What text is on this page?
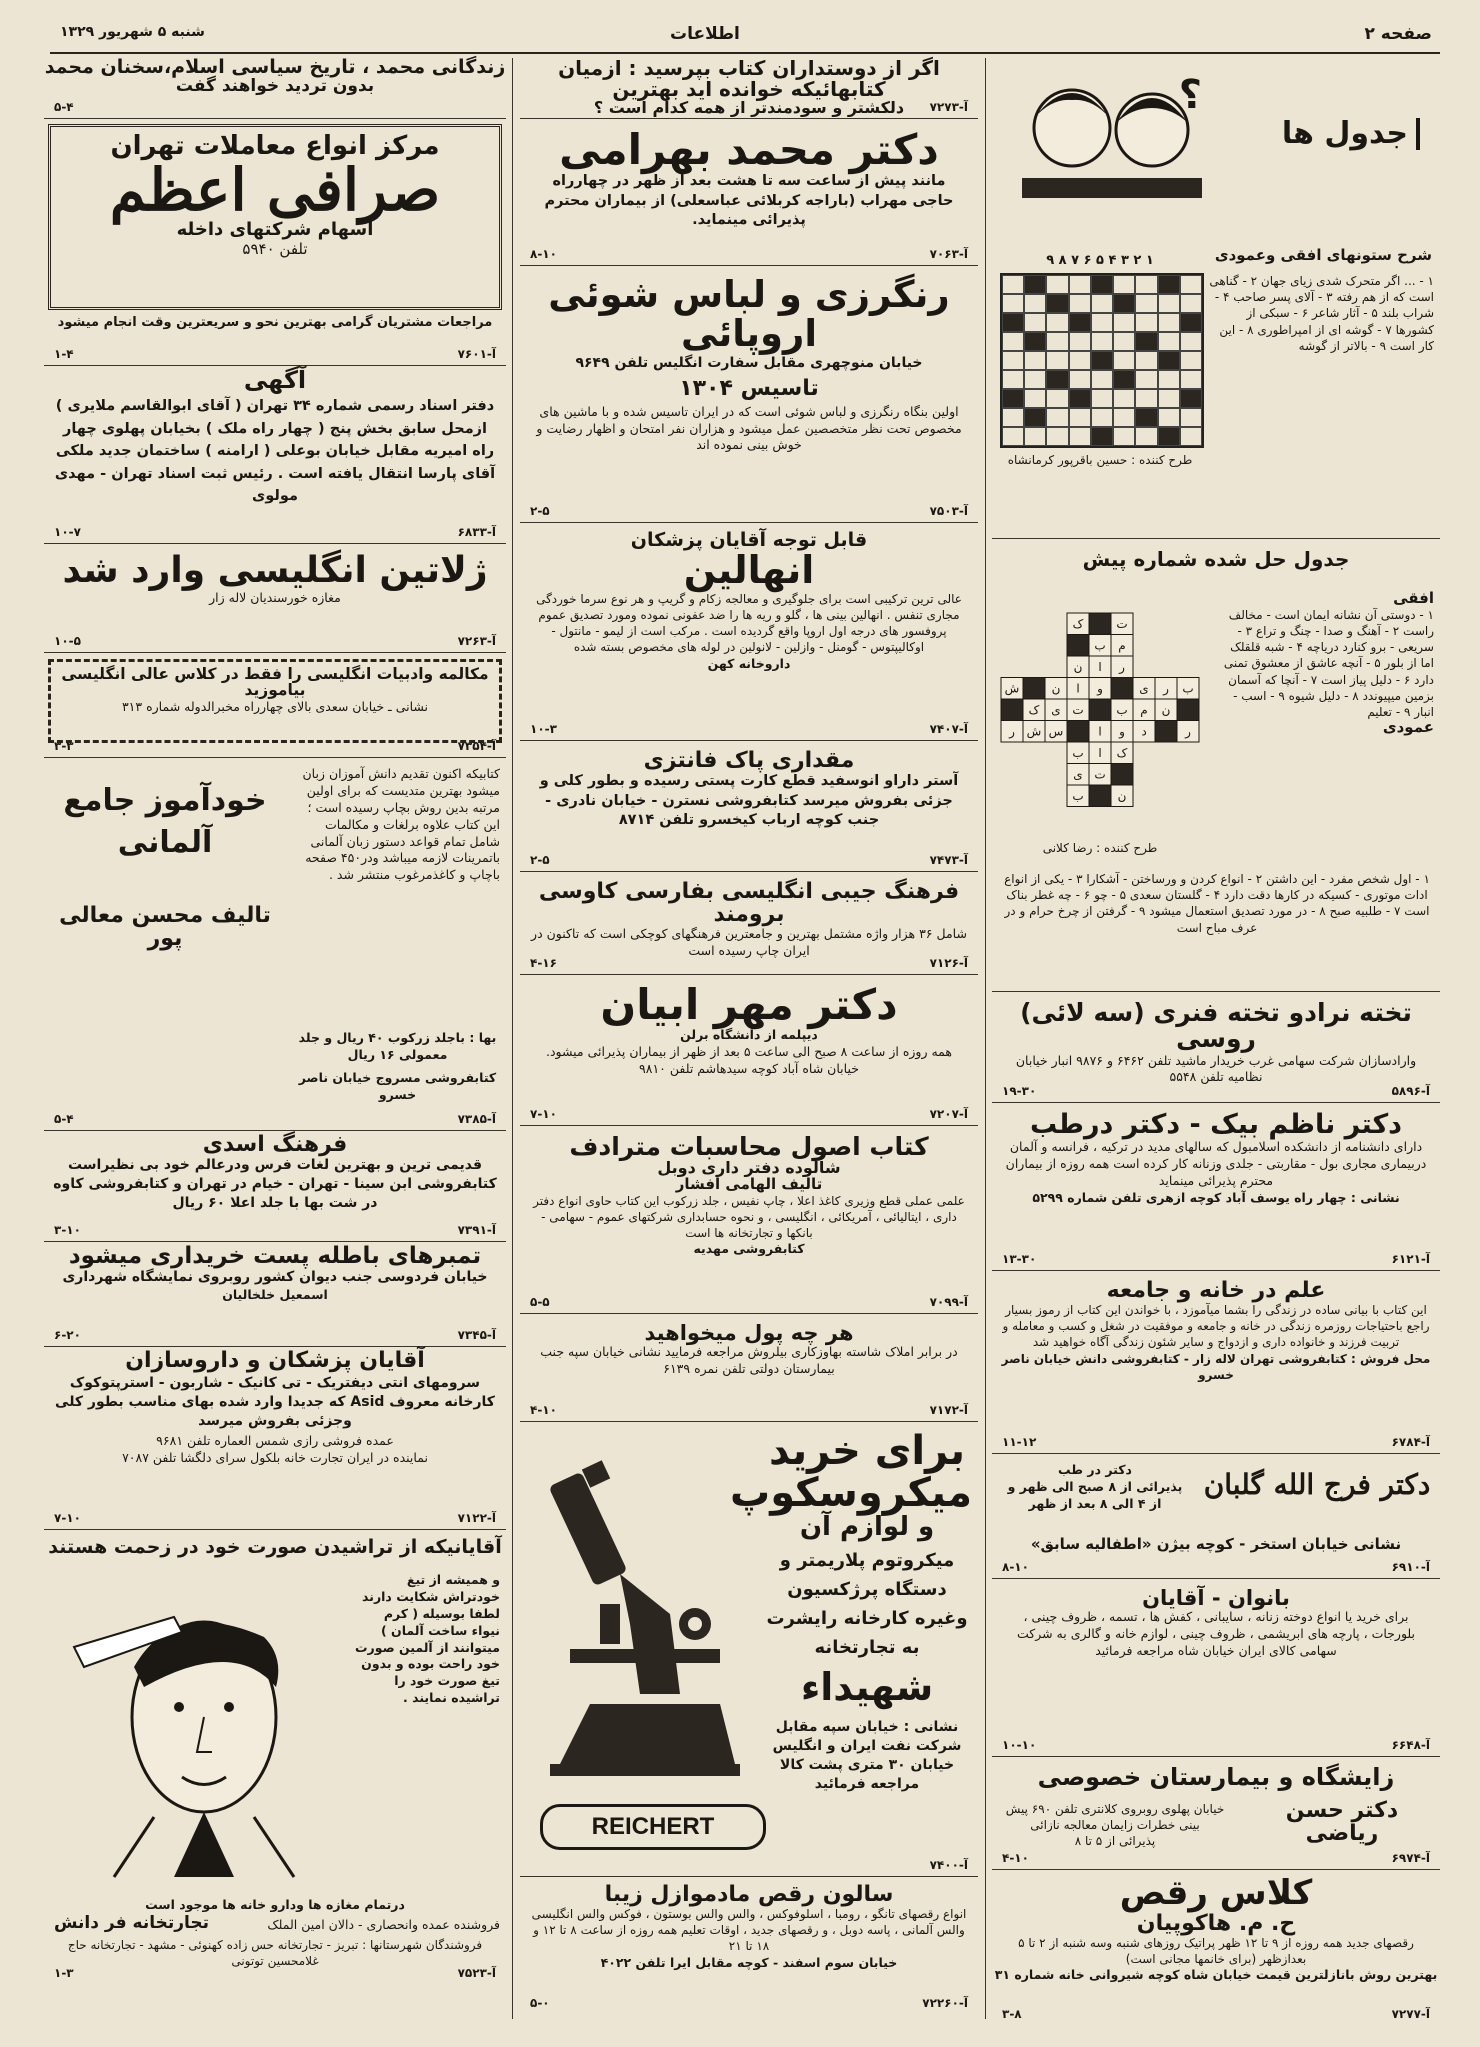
صفحه ۲
اطلاعات
شنبه ۵ شهریور ۱۳۲۹
زندگانی محمد ، تاریخ سیاسی اسلام،سخنان محمد
بدون تردید خواهند گفت
۵-۴
مرکز انواع معاملات تهران
صرافی اعظم
اسهام شرکتهای داخله
تلفن ۵۹۴۰
مراجعات مشتریان گرامی بهترین نحو و سریعترین وقت انجام میشود
۱-۴	۷۶۰۱-آ
آگهی
دفتر اسناد رسمی شماره ۳۴ تهران ( آقای ابوالقاسم ملایری ) ازمحل سابق بخش پنج ( چهار راه ملک ) بخیابان پهلوی چهار راه امیریه مقابل خیابان بوعلی ( ارامنه ) ساختمان جدید ملکی آقای پارسا انتقال یافته است . رئیس ثبت اسناد تهران - مهدی مولوی
۱۰-۷	۶۸۳۳-آ
ژلاتین انگلیسی وارد شد
مغازه خورسندیان لاله زار
۱۰-۵	۷۲۶۳-آ
مکالمه وادبیات انگلیسی را فقط در کلاس عالی انگلیسی بیاموزید
نشانی ـ خیابان سعدی بالای چهارراه مخبرالدوله شماره ۳۱۳
۳-۳	۷۳۵۴-آ
کتابیکه اکنون تقدیم دانش آموزان زبان میشود بهترین متدیست که برای اولین مرتبه بدین روش بچاپ رسیده است ؛ این کتاب علاوه برلغات و مکالمات شامل تمام قواعد دستور زبان آلمانی باتمرینات لازمه میباشد ودر۴۵۰ صفحه باچاپ و کاغذمرغوب منتشر شد .
بها : باجلد زرکوب ۴۰ ریال و جلد معمولی ۱۶ ریال
خودآموز جامع آلمانی
تالیف محسن معالی پور
کتابفروشی مسروج خیابان ناصر خسرو
۵-۴	۷۳۸۵-آ
فرهنگ اسدی
قدیمی ترین و بهترین لغات فرس ودرعالم خود بی نظیراست کتابفروشی ابن سینا - تهران - خیام در تهران و کتابفروشی کاوه در شت بها با جلد اعلا ۶۰ ریال
۳-۱۰	۷۳۹۱-آ
تمبرهای باطله پست خریداری میشود
خیابان فردوسی جنب دیوان کشور روبروی نمایشگاه شهرداری
اسمعیل خلخالیان
۶-۲۰	۷۳۴۵-آ
آقایان پزشکان و داروسازان
سرومهای انتی دیفتریک - تی کانیک - شاربون - استرپتوکوک کارخانه معروف Asid که جدیدا وارد شده بهای مناسب بطور کلی وجزئی بفروش میرسد
عمده فروشی رازی شمس العماره تلفن ۹۶۸۱
نماینده در ایران تجارت خانه بلکول سرای دلگشا تلفن ۷۰۸۷
۷-۱۰	۷۱۲۲-آ
آقایانیکه از تراشیدن صورت خود در زحمت هستند
و همیشه از تیغ خودتراش شکایت دارند لطفا بوسیله ( کرم نیواء ساخت آلمان ) میتوانند از آلمین صورت خود راحت بوده و بدون تیغ صورت خود را تراشیده نمایند .
درتمام مغازه ها ودارو خانه ها موجود است
فروشنده عمده وانحصاری - دالان امین الملک
تجارتخانه فر دانش
فروشندگان شهرستانها : تبریز - تجارتخانه حس زاده کهنوئی - مشهد - تجارتخانه حاج غلامحسین توتونی
۱-۳	۷۵۲۳-آ
اگر از دوستداران کتاب بپرسید : ازمیان کتابهائیکه خوانده اید بهترین
دلکشتر و سودمندتر از همه کدام است ؟	۷۲۷۳-آ
دکتر محمد بهرامی
مانند پیش از ساعت سه تا هشت بعد از ظهر در چهارراه حاجی مهراب (باراجه کربلائی عباسعلی) از بیماران محترم پذیرائی مینماید.
۸-۱۰	۷۰۶۳-آ
رنگرزی و لباس شوئی اروپائی
خیابان منوچهری مقابل سفارت انگلیس تلفن ۹۶۴۹
تاسیس ۱۳۰۴
اولین بنگاه رنگرزی و لباس شوئی است که در ایران تاسیس شده و با ماشین های مخصوص تحت نظر متخصصین عمل میشود و هزاران نفر امتحان و اظهار رضایت و خوش بینی نموده اند
۲-۵	۷۵۰۳-آ
قابل توجه آقایان پزشکان
انهالین
عالی ترین ترکیبی است برای جلوگیری و معالجه زکام و گریپ و هر نوع سرما خوردگی مجاری تنفس . انهالین بینی ها ، گلو و ریه ها را ضد عفونی نموده ومورد تصدیق عموم پروفسور های درجه اول اروپا واقع گردیده است . مرکب است از لیمو - مانتول - اوکالیپتوس - گومنل - وازلین - لانولین در لوله های مخصوص بسته شده
داروخانه کهن
۱۰-۳	۷۴۰۷-آ
مقداری پاک فانتزی
آستر داراو انوسفید قطع کارت پستی رسیده و بطور کلی و جزئی بفروش میرسد کتابفروشی نسترن - خیابان نادری - جنب کوچه ارباب کیخسرو تلفن ۸۷۱۴
۲-۵	۷۴۷۳-آ
فرهنگ جیبی انگلیسی بفارسی کاوسی برومند
شامل ۳۶ هزار واژه مشتمل بهترین و جامعترین فرهنگهای کوچکی است که تاکنون در ایران چاپ رسیده است
۴-۱۶	۷۱۲۶-آ
دکتر مهر ابیان
دیپلمه از دانشگاه برلن
همه روزه از ساعت ۸ صبح الی ساعت ۵ بعد از ظهر از بیماران پذیرائی میشود. خیابان شاه آباد کوچه سیدهاشم تلفن ۹۸۱۰
۷-۱۰	۷۲۰۷-آ
کتاب اصول محاسبات مترادف
شالوده دفتر داری دوبل
تالیف الهامی افشار
علمی عملی قطع وزیری کاغذ اعلا ، چاپ نفیس ، جلد زرکوب این کتاب حاوی انواع دفتر داری ، ایتالیائی ، آمریکائی ، انگلیسی ، و نحوه حسابداری شرکتهای عموم - سهامی - بانکها و تجارتخانه ها است
کتابفروشی مهدیه
۵-۵	۷۰۹۹-آ
هر چه پول میخواهید
در برابر املاک شاسته بهاوزکاری بیلروش مراجعه فرمایید نشانی خیابان سپه جنب بیمارستان دولتی تلفن نمره ۶۱۳۹
۴-۱۰	۷۱۷۲-آ
REICHERT
برای خرید میکروسکوپ
و لوازم آن
میکروتوم پلاریمتر و دستگاه پرژکسیون وغیره کارخانه رایشرت به تجارتخانه
شهیداء
نشانی : خیابان سپه مقابل شرکت نفت ایران و انگلیس خیابان ۳۰ متری پشت کالا مراجعه فرمائید
۷۴۰۰-آ
سالون رقص مادموازل زیبا
انواع رقصهای تانگو ، رومبا ، اسلوفوکس ، والس والس بوستون ، فوکس والس انگلیسی والس آلمانی ، پاسه دوبل ، و رقصهای جدید ، اوقات تعلیم همه روزه از ساعت ۸ تا ۱۲ و ۱۸ تا ۲۱
خیابان سوم اسفند - کوچه مقابل ایرا تلفن ۴۰۲۲
۵-۰	۷۲۲۶۰-آ
جدول ها
؟
شرح ستونهای افقی وعمودی
۹ ۸ ۷ ۶ ۵ ۴ ۳ ۲ ۱
طرح کننده : حسین باقرپور کرمانشاه
۱ - ... اگر متحرک شدی زیای جهان ۲ - گناهی است که از هم رفته ۳ - آلای پسر صاحب ۴ - شراب بلند ۵ - آثار شاعر ۶ - سبکی از کشورها ۷ - گوشه ای از امپراطوری ۸ - این کار است ۹ - بالاتر از گوشه
جدول حل شده شماره پیش
ک	ت
ب م
ن ا ر
ش	ن ا و	ی ر ب
ک ی ت	ب م ن
ر ش س	ا و د	ر
ب ا ک
ی ت
ب	ن
طرح کننده : رضا کلانی
افقی
۱ - دوستی آن نشانه ایمان است - مخالف راست ۲ - آهنگ و صدا - چنگ و تراع ۳ - سریعی - برو کنارد دریاچه ۴ - شبه قلقلک اما از بلور ۵ - آنچه عاشق از معشوق تمنی دارد ۶ - دلیل پیاز است ۷ - آنچا که آسمان بزمین میپیوندد ۸ - دلیل شیوه ۹ - اسب - انبار ۹ - تعلیم
عمودی
۱ - اول شخص مفرد - این داشتن ۲ - انواع کردن و ورساختن - آشکارا ۳ - یکی از انواع ادات موتوری - کسیکه در کارها دقت دارد ۴ - گلستان سعدی ۵ - چو ۶ - چه غطر بناک است ۷ - طلبیه صبح ۸ - در مورد تصدیق استعمال میشود ۹ - گرفتن از چرخ حرام و در عرف مباح است
تخته نرادو تخته فنری (سه لائی) روسی
وارادسازان شرکت سهامی غرب خریدار ماشید تلفن ۶۴۶۲ و ۹۸۷۶ انبار خیابان نظامیه تلفن ۵۵۴۸
۱۹-۳۰	۵۸۹۶-آ
دکتر ناظم بیک - دکتر درطب
دارای دانشنامه از دانشکده اسلامبول که سالهای مدید در ترکیه ، فرانسه و آلمان دربیماری مجاری بول - مقاربتی - جلدی وزنانه کار کرده است همه روزه از بیماران محترم پذیرائی مینماید
نشانی : چهار راه یوسف آباد کوچه ازهری تلفن شماره ۵۲۹۹
۱۳-۳۰	۶۱۲۱-آ
علم در خانه و جامعه
این کتاب با بیانی ساده در زندگی را بشما میآموزد ، با خواندن این کتاب از رموز بسیار راجع باحتیاجات روزمره زندگی در خانه و جامعه و موفقیت در شغل و کسب و معامله و تربیت فرزند و خانواده داری و ازدواج و سایر شئون زندگی آگاه خواهید شد
محل فروش : کتابفروشی تهران لاله زار - کتابفروشی دانش خیابان ناصر خسرو
۱۱-۱۲	۶۷۸۴-آ
دکتر فرج الله گلبان
دکتر در طب
پذیرائی از ۸ صبح الی ظهر و از ۴ الی ۸ بعد از ظهر
نشانی خیابان استخر - کوچه بیژن «اطفالیه سابق»
۸-۱۰	۶۹۱۰-آ
بانوان - آقایان
برای خرید یا انواع دوخته زنانه ، سایبانی ، کفش ها ، تسمه ، ظروف چینی ، بلورجات ، پارچه های ابریشمی ، ظروف چینی ، لوازم خانه و گالری به شرکت سهامی کالای ایران خیابان شاه مراجعه فرمائید
۱۰-۱۰	۶۶۴۸-آ
زایشگاه و بیمارستان خصوصی
دکتر حسن ریاضی
خیابان پهلوی روبروی کلانتری تلفن ۶۹۰ پیش بینی خطرات زایمان معالجه نازائی
پذیرائی از ۵ تا ۸
۴-۱۰	۶۹۷۴-آ
کلاس رقص
ح. م. هاکوپیان
رقصهای جدید همه روزه از ۹ تا ۱۲ ظهر پراتیک روزهای شنبه وسه شنبه از ۲ تا ۵ بعدازظهر (برای خانمها مجانی است)
بهترین روش بانازلترین قیمت خیابان شاه کوچه شیروانی خانه شماره ۳۱
۳-۸	۷۲۷۷-آ
